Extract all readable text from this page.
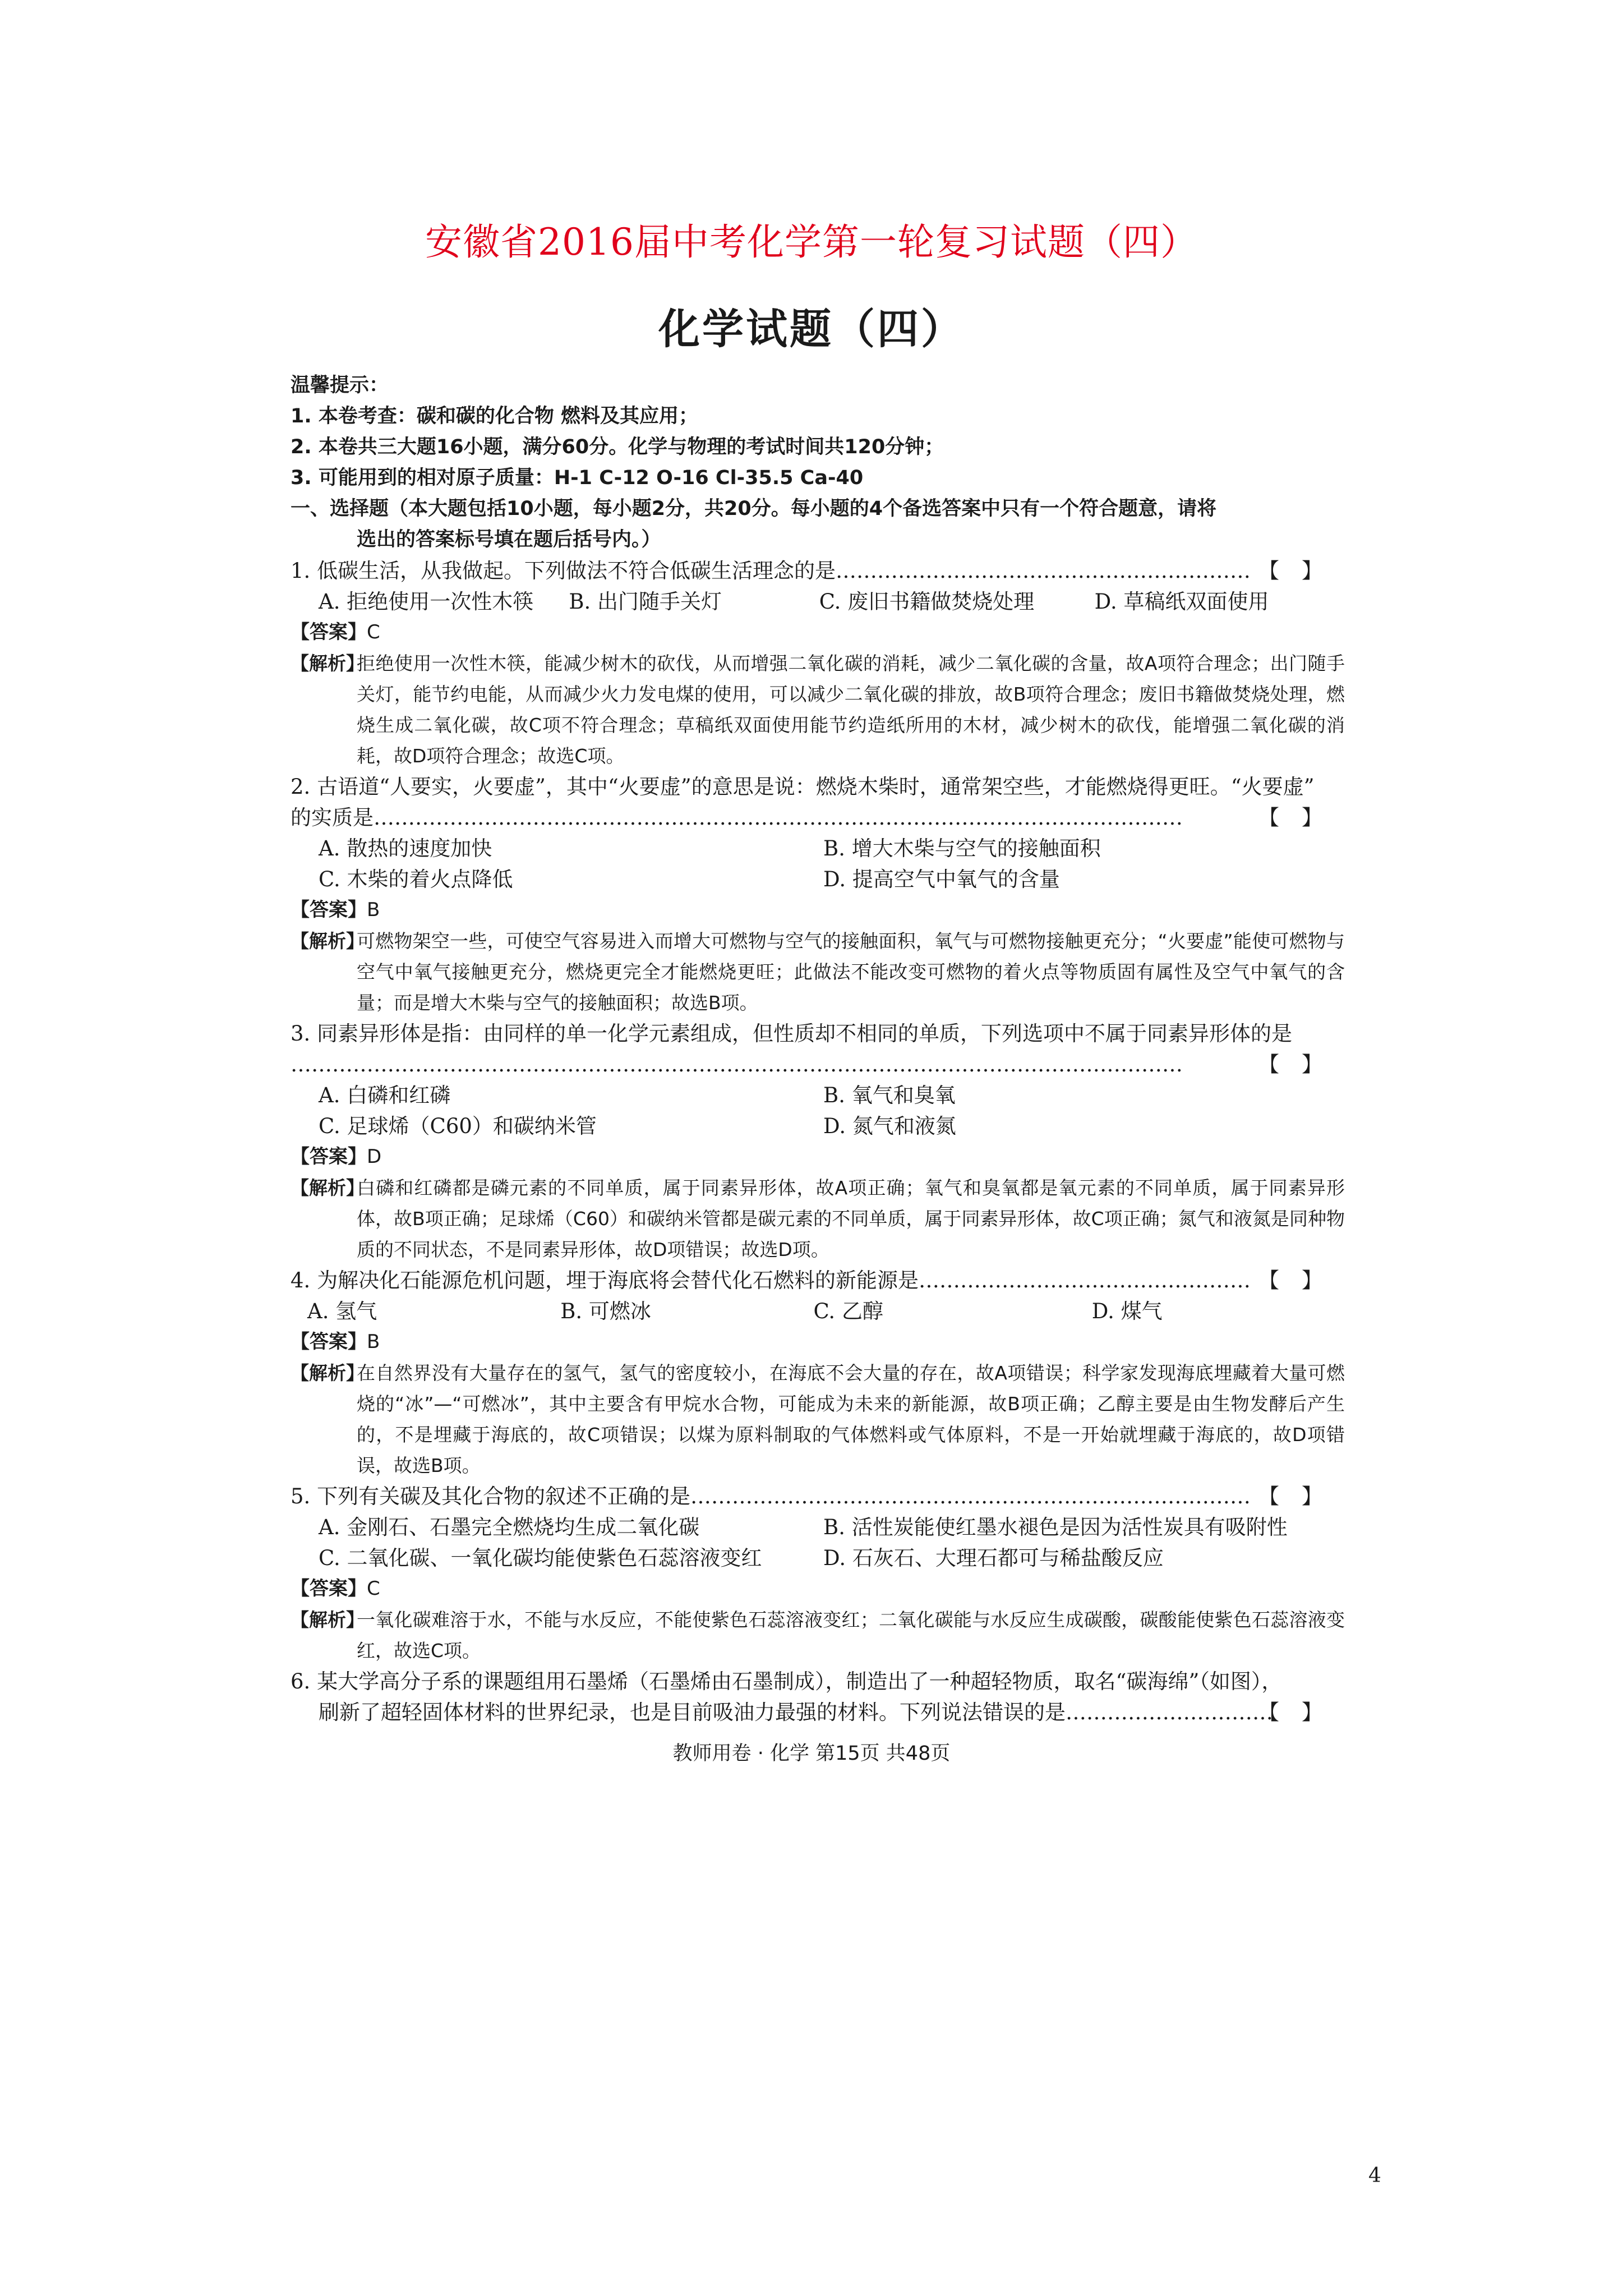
安徽省2016届中考化学第一轮复习试题（四）
化学试题（四）
温馨提示：
1. 本卷考查：碳和碳的化合物 燃料及其应用；
2. 本卷共三大题16小题，满分60分。化学与物理的考试时间共120分钟；
3. 可能用到的相对原子质量：H-1 C-12 O-16 Cl-35.5 Ca-40
一、选择题（本大题包括10小题，每小题2分，共20分。每小题的4个备选答案中只有一个符合题意，请将
选出的答案标号填在题后括号内。）
1. 低碳生活，从我做起。下列做法不符合低碳生活理念的是…………………………………………………… 【】
A. 拒绝使用一次性木筷	B. 出门随手关灯	C. 废旧书籍做焚烧处理	D. 草稿纸双面使用
【答案】C
【解析】
拒绝使用一次性木筷，能减少树木的砍伐，从而增强二氧化碳的消耗，减少二氧化碳的含量，故A项符合理念；出门随手关灯，能节约电能，从而减少火力发电煤的使用，可以减少二氧化碳的排放，故B项符合理念；废旧书籍做焚烧处理，燃烧生成二氧化碳，故C项不符合理念；草稿纸双面使用能节约造纸所用的木材，减少树木的砍伐，能增强二氧化碳的消耗，故D项符合理念；故选C项。
2. 古语道“人要实，火要虚”，其中“火要虚”的意思是说：燃烧木柴时，通常架空些，才能燃烧得更旺。“火要虚”
的实质是………………………………………………………………………………………………………	【】
A. 散热的速度加快	B. 增大木柴与空气的接触面积
C. 木柴的着火点降低	D. 提高空气中氧气的含量
【答案】B
【解析】
可燃物架空一些，可使空气容易进入而增大可燃物与空气的接触面积，氧气与可燃物接触更充分；“火要虚”能使可燃物与空气中氧气接触更充分，燃烧更完全才能燃烧更旺；此做法不能改变可燃物的着火点等物质固有属性及空气中氧气的含量；而是增大木柴与空气的接触面积；故选B项。
3. 同素异形体是指：由同样的单一化学元素组成，但性质却不相同的单质，下列选项中不属于同素异形体的是
…………………………………………………………………………………………………………………	【】
A. 白磷和红磷	B. 氧气和臭氧
C. 足球烯（C60）和碳纳米管	D. 氮气和液氮
【答案】D
【解析】
白磷和红磷都是磷元素的不同单质，属于同素异形体，故A项正确；氧气和臭氧都是氧元素的不同单质，属于同素异形体，故B项正确；足球烯（C60）和碳纳米管都是碳元素的不同单质，属于同素异形体，故C项正确；氮气和液氮是同种物质的不同状态，不是同素异形体，故D项错误；故选D项。
4. 为解决化石能源危机问题，埋于海底将会替代化石燃料的新能源是………………………………………… 【】
A. 氢气	B. 可燃冰	C. 乙醇	D. 煤气
【答案】B
【解析】
在自然界没有大量存在的氢气，氢气的密度较小，在海底不会大量的存在，故A项错误；科学家发现海底埋藏着大量可燃烧的“冰”—“可燃冰”，其中主要含有甲烷水合物，可能成为未来的新能源，故B项正确；乙醇主要是由生物发酵后产生的，不是埋藏于海底的，故C项错误；以煤为原料制取的气体燃料或气体原料，不是一开始就埋藏于海底的，故D项错误，故选B项。
5. 下列有关碳及其化合物的叙述不正确的是……………………………………………………………………… 【】
A. 金刚石、石墨完全燃烧均生成二氧化碳	B. 活性炭能使红墨水褪色是因为活性炭具有吸附性
C. 二氧化碳、一氧化碳均能使紫色石蕊溶液变红	D. 石灰石、大理石都可与稀盐酸反应
【答案】C
【解析】
一氧化碳难溶于水，不能与水反应，不能使紫色石蕊溶液变红；二氧化碳能与水反应生成碳酸，碳酸能使紫色石蕊溶液变红，故选C项。
6. 某大学高分子系的课题组用石墨烯（石墨烯由石墨制成），制造出了一种超轻物质，取名“碳海绵”（如图），
刷新了超轻固体材料的世界纪录，也是目前吸油力最强的材料。下列说法错误的是…………………………
【】
教师用卷 · 化学 第15页 共48页
4
